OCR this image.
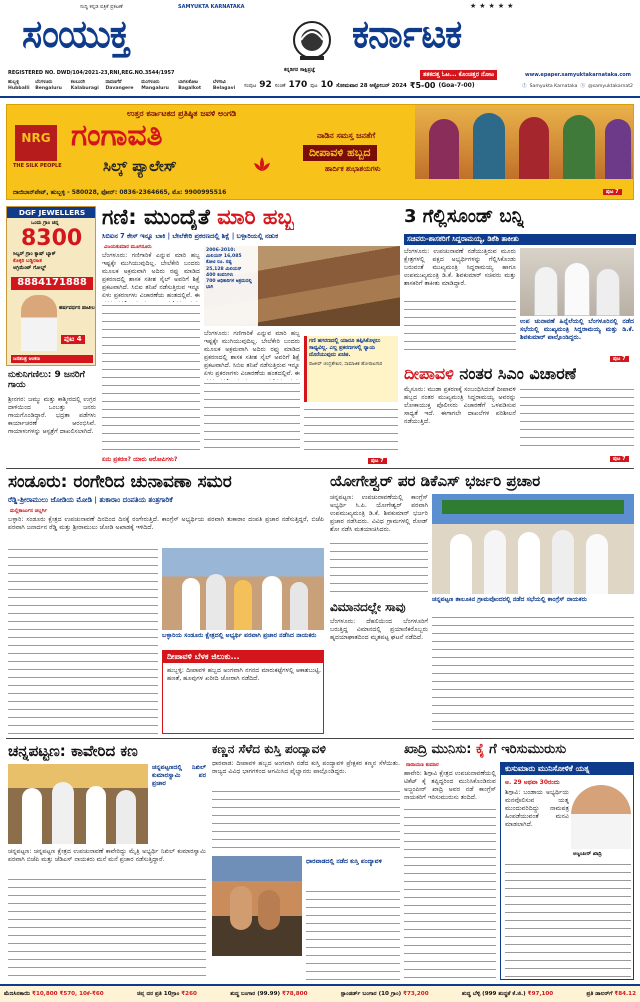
ಸುದ್ದಿ ಕನ್ನಡ ಪತ್ರಿಕೆ ಪ್ರಕಟಣೆ	SAMYUKTA KARNATAKA
ಸಂಯುಕ್ತ
ಕನ್ನಡಿಗರ ಸಾಕ್ಷಿಪ್ರಜ್ಞೆ
ಕರ್ನಾಟಕ
★★★★★
REGISTERED NO. DWD/104/2021-23,RNI,REG.NO.3544/1957	ತತಕದತ್ತ ಓಟ... ಕೊಂಚಿತ್ತರ ನೋಟ	www.epaper.samyuktakarnataka.com
ಹುಬ್ಬಳ್ಳಿ Hubballi
ಬೆಂಗಳೂರು Bengaluru
ಕಲಬುರಗಿ Kalaburagi
ದಾವಣಗೆರೆ Davangere
ಮಂಗಳೂರು Mangaluru
ಬಾಗಲಕೋಟ Bagalkot
ಬೆಳಗಾವಿ Belagavi	ಸಂಪುಟ 92 ಸಂಚಿಕೆ 170 ಪುಟ 10 ಸೋಮವಾರ 28 ಅಕ್ಟೋಬರ್ 2024 ₹5-00 (Goa-7-00)	ⓕ Samyukta Karnataka ⓧ @samyuktakarnat2
NRG
THE SILK PEOPLE
ಉತ್ತರ ಕರ್ನಾಟಕದ ಪ್ರತಿಷ್ಠಿತ ಜವಳಿ ಅಂಗಡಿ
ಗಂಗಾವತಿ
ಸಿಲ್ಕ್ ಪ್ಯಾಲೇಸ್
ನಾಡಿನ ಸಮಸ್ತ ಜನತೆಗೆ
ದೀಪಾವಳಿ ಹಬ್ಬದ
ಹಾರ್ದಿಕ ಶುಭಾಶಯಗಳು
ದಾಜಿಬಾನ್‌ಪೇಟ್, ಹುಬ್ಬಳ್ಳಿ - 580028, ಫೋನ್: 0836-2364665, ಮೊ: 9900995516	ಪುಟ 7
DGF JEWELLERS
ಒಂದು ಗ್ರಾಂ ಚಿನ್ನ
8300
ಸಿಲ್ವರ್ ಗ್ರಾಂ ಕ್ಯಾಷ್ ಬ್ಯಾಕ್
ಕೊಳ್ಳಿರಿ ಬಡ್ಡಿರಹಿತ
ಅಗ್ರಿಮೆಂಟ್ ಗೋಲ್ಡ್
8884171888
ಹರ್ಷವರ್ಧನ ಪಾಟೀಲ
ಪುಟ 4
ಜನತಂತ್ರ ಅಂಕಣ
ನುಕುನಿಗಣಿಲು: 9 ಜನರಿಗೆ ಗಾಯ
ಶ್ರೀನಗರ: ಜಮ್ಮು ಮತ್ತು ಕಾಶ್ಮೀರದಲ್ಲಿ ಉಗ್ರರ ದಾಳಿಯಿಂದ ಒಂಬತ್ತು ಜನರು ಗಾಯಗೊಂಡಿದ್ದಾರೆ. ಭದ್ರತಾ ಪಡೆಗಳು ಕಾರ್ಯಾಚರಣೆ ಆರಂಭಿಸಿವೆ. ಗಾಯಾಳುಗಳನ್ನು ಆಸ್ಪತ್ರೆಗೆ ದಾಖಲಿಸಲಾಗಿದೆ.
ಗಣಿ: ಮುಂದೈತೆ ಮಾರಿ ಹಬ್ಬ
ಸಿಬಿಐನ 7 ಕೇಸ್ ಇನ್ನೂ ಬಾಕಿ | ಬೇಲೆಕೇರಿ ಪ್ರಕರಣದಲ್ಲಿ ಶಿಕ್ಷೆ | ಬಳ್ಳಾರಿಯಲ್ಲಿ ನಡುಕ
ವಿಜಯಕುಮಾರ ಮೂಗನೂರು
ಬೆಂಗಳೂರು: ಗಣಿಗಾರಿಕೆ ಎನ್ನುವ ಮಾರಿ ಹಬ್ಬ ಇಷ್ಟಕ್ಕೇ ಮುಗಿಯುವುದಿಲ್ಲ. ಬೇಲೆಕೇರಿ ಬಂದರು ಮೂಲಕ ಅಕ್ರಮವಾಗಿ ಅದಿರು ರಫ್ತು ಮಾಡಿದ ಪ್ರಕರಣದಲ್ಲಿ ಶಾಸಕ ಸತೀಶ ಸೈಲ್ ಅವರಿಗೆ ಶಿಕ್ಷೆ ಪ್ರಕಟವಾಗಿದೆ. ಸಿಬಿಐ ತನಿಖೆ ನಡೆಸುತ್ತಿರುವ ಇನ್ನೂ ಏಳು ಪ್ರಕರಣಗಳು ವಿಚಾರಣೆಯ ಹಂತದಲ್ಲಿವೆ. ಈ
2006-2010:
ಮಿಲಿಯನ್ 16,085
ಕೋಟಿ ರೂ. ನಷ್ಟ
25,128 ಮಿಲಿಯನ್
400 ಕಂಪನಿಗಳು
700 ಅಧಿಕಾರಿಗಳ ಅಕ್ರಮದಲ್ಲಿ ಭಾಗಿ
ಬೆಂಗಳೂರು: ಗಣಿಗಾರಿಕೆ ಎನ್ನುವ ಮಾರಿ ಹಬ್ಬ ಇಷ್ಟಕ್ಕೇ ಮುಗಿಯುವುದಿಲ್ಲ. ಬೇಲೆಕೇರಿ ಬಂದರು ಮೂಲಕ ಅಕ್ರಮವಾಗಿ ಅದಿರು ರಫ್ತು ಮಾಡಿದ ಪ್ರಕರಣದಲ್ಲಿ ಶಾಸಕ ಸತೀಶ ಸೈಲ್ ಅವರಿಗೆ ಶಿಕ್ಷೆ ಪ್ರಕಟವಾಗಿದೆ. ಸಿಬಿಐ ತನಿಖೆ ನಡೆಸುತ್ತಿರುವ ಇನ್ನೂ ಏಳು ಪ್ರಕರಣಗಳು ವಿಚಾರಣೆಯ ಹಂತದಲ್ಲಿವೆ. ಈ
ಗಣಿ ಹಗರಣದಲ್ಲಿ ಯಾರೂ ತಪ್ಪಿಸಿಕೊಳ್ಳಲು ಸಾಧ್ಯವಿಲ್ಲ. ಎಲ್ಲ ಪ್ರಕರಣಗಳಲ್ಲಿ ನ್ಯಾಯ ದೊರೆಯುವುದು ಖಚಿತ.
ರಾಜೀವ್‌ ಚಂದ್ರಶೇಖರ, ಸಾಮಾಜಿಕ ಹೋರಾಟಗಾರ
ಏನು ಪ್ರಕರಣ? ಯಾರು ಆರೋಪಿಗಳು?	ಪುಟ 7
3 ಗೆಲ್ಲಿಸೂಂಡ್ ಬನ್ನಿ
ಸಚಿವರು-ಶಾಸಕರಿಗೆ ಸಿದ್ದರಾಮಯ್ಯ, ಡಿಕೆಶಿ ತಾಕೀತು
ಬೆಂಗಳೂರು: ಉಪಚುನಾವಣೆ ನಡೆಯುತ್ತಿರುವ ಮೂರು ಕ್ಷೇತ್ರಗಳಲ್ಲಿ ಪಕ್ಷದ ಅಭ್ಯರ್ಥಿಗಳನ್ನು ಗೆಲ್ಲಿಸಿಕೊಂಡು ಬರುವಂತೆ ಮುಖ್ಯಮಂತ್ರಿ ಸಿದ್ದರಾಮಯ್ಯ ಹಾಗೂ ಉಪಮುಖ್ಯಮಂತ್ರಿ ಡಿ.ಕೆ. ಶಿವಕುಮಾರ್ ಸಚಿವರು ಮತ್ತು ಶಾಸಕರಿಗೆ ತಾಕೀತು ಮಾಡಿದ್ದಾರೆ.
ಉಪ ಚುನಾವಣೆ ಹಿನ್ನೆಲೆಯಲ್ಲಿ ಬೆಂಗಳೂರಿನಲ್ಲಿ ನಡೆದ ಸಭೆಯಲ್ಲಿ ಮುಖ್ಯಮಂತ್ರಿ ಸಿದ್ದರಾಮಯ್ಯ ಮತ್ತು ಡಿ.ಕೆ. ಶಿವಕುಮಾರ್ ಪಾಲ್ಗೊಂಡಿದ್ದರು.
ಪುಟ 7
ದೀಪಾವಳಿ ನಂತರ ಸಿಎಂ ವಿಚಾರಣೆ
ಮೈಸೂರು: ಮುಡಾ ಪ್ರಕರಣಕ್ಕೆ ಸಂಬಂಧಿಸಿದಂತೆ ದೀಪಾವಳಿ ಹಬ್ಬದ ನಂತರ ಮುಖ್ಯಮಂತ್ರಿ ಸಿದ್ದರಾಮಯ್ಯ ಅವರನ್ನು ಲೋಕಾಯುಕ್ತ ಪೊಲೀಸರು ವಿಚಾರಣೆಗೆ ಒಳಪಡಿಸುವ ಸಾಧ್ಯತೆ ಇದೆ. ಈಗಾಗಲೇ ದಾಖಲೆಗಳ ಪರಿಶೀಲನೆ ನಡೆಯುತ್ತಿದೆ.
ಪುಟ 7
ಸಂಡೂರು: ರಂಗೇರಿದ ಚುನಾವಣಾ ಸಮರ
ರೆಡ್ಡಿ-ಶ್ರೀರಾಮುಲು ಜೋಡಿಯ ಮೋಡಿ | ತುಕಾರಾಂ ದಂಪತಿಯ ತಂತ್ರಗಾರಿಕೆ
ಮಲ್ಲಿಕಾರ್ಜುನ ಚಿಲ್ಲರ್ಗಿ
ಬಳ್ಳಾರಿ: ಸಂಡೂರು ಕ್ಷೇತ್ರದ ಉಪಚುನಾವಣೆ ದಿನದಿಂದ ದಿನಕ್ಕೆ ರಂಗೇರುತ್ತಿದೆ. ಕಾಂಗ್ರೆಸ್ ಅಭ್ಯರ್ಥಿಯ ಪರವಾಗಿ ತುಕಾರಾಂ ದಂಪತಿ ಪ್ರಚಾರ ನಡೆಸುತ್ತಿದ್ದರೆ, ಬಿಜೆಪಿ ಪರವಾಗಿ ಜನಾರ್ದನ ರೆಡ್ಡಿ ಮತ್ತು ಶ್ರೀರಾಮುಲು ಜೋಡಿ ಅಖಾಡಕ್ಕೆ ಇಳಿದಿದೆ.
ಬಳ್ಳಾರಿಯ ಸಂಡೂರು ಕ್ಷೇತ್ರದಲ್ಲಿ ಅಭ್ಯರ್ಥಿ ಪರವಾಗಿ ಪ್ರಚಾರ ನಡೆಸಿದ ನಾಯಕರು
ದೀಪಾವಳಿ ಬೆಳಕ ಜಿಲುಕು...
ಹುಬ್ಬಳ್ಳಿ: ದೀಪಾವಳಿ ಹಬ್ಬದ ಅಂಗವಾಗಿ ನಗರದ ಮಾರುಕಟ್ಟೆಗಳಲ್ಲಿ ಆಕಾಶಬುಟ್ಟಿ, ಹಣತೆ, ಹೂವುಗಳ ಖರೀದಿ ಜೋರಾಗಿ ನಡೆದಿದೆ.
ಯೋಗೇಶ್ವರ್ ಪರ ಡಿಕೆಎಸ್ ಭರ್ಜರಿ ಪ್ರಚಾರ
ಚನ್ನಪಟ್ಟಣ: ಉಪಚುನಾವಣೆಯಲ್ಲಿ ಕಾಂಗ್ರೆಸ್ ಅಭ್ಯರ್ಥಿ ಸಿ.ಪಿ. ಯೋಗೇಶ್ವರ್ ಪರವಾಗಿ ಉಪಮುಖ್ಯಮಂತ್ರಿ ಡಿ.ಕೆ. ಶಿವಕುಮಾರ್ ಭರ್ಜರಿ ಪ್ರಚಾರ ನಡೆಸಿದರು. ವಿವಿಧ ಗ್ರಾಮಗಳಲ್ಲಿ ರೋಡ್ ಶೋ ನಡೆಸಿ ಮತಯಾಚಿಸಿದರು.
ಚನ್ನಪಟ್ಟಣ ತಾಲೂಕಿನ ಗ್ರಾಮವೊಂದರಲ್ಲಿ ನಡೆದ ಸಭೆಯಲ್ಲಿ ಕಾಂಗ್ರೆಸ್ ನಾಯಕರು
ವಿಮಾನದಲ್ಲೇ ಸಾವು
ಬೆಂಗಳೂರು: ದೆಹಲಿಯಿಂದ ಬೆಂಗಳೂರಿಗೆ ಬರುತ್ತಿದ್ದ ವಿಮಾನದಲ್ಲಿ ಪ್ರಯಾಣಿಕರೊಬ್ಬರು ಹೃದಯಾಘಾತದಿಂದ ಮೃತಪಟ್ಟ ಘಟನೆ ನಡೆದಿದೆ.
ಚನ್ನಪಟ್ಟಣ: ಕಾವೇರಿದ ಕಣ
ಚನ್ನಪಟ್ಟಣದಲ್ಲಿ ನಿಖಿಲ್ ಕುಮಾರಸ್ವಾಮಿ ಪರ ಪ್ರಚಾರ
ಚನ್ನಪಟ್ಟಣ: ಚನ್ನಪಟ್ಟಣ ಕ್ಷೇತ್ರದ ಉಪಚುನಾವಣೆ ಕಾವೇರಿದ್ದು ಮೈತ್ರಿ ಅಭ್ಯರ್ಥಿ ನಿಖಿಲ್ ಕುಮಾರಸ್ವಾಮಿ ಪರವಾಗಿ ಬಿಜೆಪಿ ಮತ್ತು ಜೆಡಿಎಸ್ ನಾಯಕರು ಮನೆ ಮನೆ ಪ್ರಚಾರ ನಡೆಸುತ್ತಿದ್ದಾರೆ.
ಕಣ್ಣನ ಸೆಳೆದ ಕುಸ್ತಿ ಪಂದ್ಯಾವಳಿ
ಧಾರವಾಡ: ದೀಪಾವಳಿ ಹಬ್ಬದ ಅಂಗವಾಗಿ ನಡೆದ ಕುಸ್ತಿ ಪಂದ್ಯಾವಳಿ ಪ್ರೇಕ್ಷಕರ ಕಣ್ಮನ ಸೆಳೆಯಿತು. ರಾಜ್ಯದ ವಿವಿಧ ಭಾಗಗಳಿಂದ ಆಗಮಿಸಿದ ಪೈಲ್ವಾನರು ಪಾಲ್ಗೊಂಡಿದ್ದರು.
ಧಾರವಾಡದಲ್ಲಿ ನಡೆದ ಕುಸ್ತಿ ಪಂದ್ಯಾವಳಿ
ಖಾದ್ರಿ ಮುನಿಸು: ಕೈ ಗೆ ಇರಿಸುಮುರುಸು
ನಾರಾಯಣ ಕುಮಾರ
ಹಾವೇರಿ: ಶಿಗ್ಗಾವಿ ಕ್ಷೇತ್ರದ ಉಪಚುನಾವಣೆಯಲ್ಲಿ ಟಿಕೆಟ್ ಕೈ ತಪ್ಪಿದ್ದರಿಂದ ಮುನಿಸಿಕೊಂಡಿರುವ ಅಜ್ಜಂಪೀರ್ ಖಾದ್ರಿ ಅವರ ನಡೆ ಕಾಂಗ್ರೆಸ್ ನಾಯಕರಿಗೆ ಇರಿಸುಮುರುಸು ತಂದಿದೆ.
ಕುಸುಮಾರು ಮುನಿಸೋಳಿಕೆ ಯತ್ನ
ಅ. 29 ಅಥವಾ 30ರಂದು
ಶಿಗ್ಗಾವಿ: ಬಂಡಾಯ ಅಭ್ಯರ್ಥಿಯ ಮನವೊಲಿಸುವ ಯತ್ನ ಮುಂದುವರಿದಿದ್ದು ನಾಮಪತ್ರ ಹಿಂಪಡೆಯುವಂತೆ ಮನವಿ ಮಾಡಲಾಗಿದೆ.
ಅಜ್ಜಂಪೀರ್ ಖಾದ್ರಿ
ಮೆಣಸಿನಕಾಯಿ ₹10,800 ₹570, 10ಕೆ-₹60	ಚಿನ್ನ ದರ ಪ್ರತಿ 10ಗ್ರಾಂ ₹260	ಶುದ್ಧ ಬಂಗಾರ (99.99) ₹78,800	ಸ್ಟಾಂಡರ್ಡ್ ಬಂಗಾರ (10 ಗ್ರಾಂ) ₹73,200	ಶುದ್ಧ ಬೆಳ್ಳಿ (999 ಶುದ್ಧತೆ ಕೆ.ಜಿ.) ₹97,100	ಪ್ರತಿ ಡಾಲರ್‌ಗೆ ₹84.12
